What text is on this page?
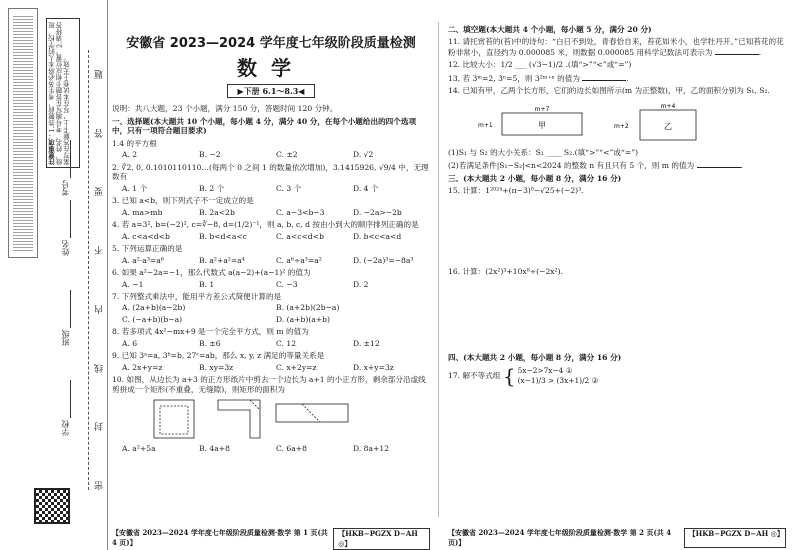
注意事项：1.答题前，考生务必将本人的学校、班级、姓名、考号填写在答题卡相应位置。2.请将答案写在答题卡上，写在本试卷上无效。
学校
班级
姓名
考号
题
答
要
不
内
线
封
密
安徽省 2023—2024 学年度七年级阶段质量检测
数学
▶下册 6.1～8.3◀
说明：共八大题，23 个小题，满分 150 分，答题时间 120 分钟。
一、选择题(本大题共 10 个小题，每小题 4 分，满分 40 分，在每个小题给出的四个选项中，只有一项符合题目要求)
1.4 的平方根
A. 2	B. −2	C. ±2	D. √2
2. ∛2, 0, 0.1010110110…(每两个 0 之间 1 的数量依次增加)，3.1415926, √9/4 中，无理数有
A. 1 个	B. 2 个	C. 3 个	D. 4 个
3. 已知 a<b，则下列式子不一定成立的是
A. ma>mb	B. 2a<2b	C. a−3<b−3	D. −2a>−2b
4. 若 a=3², b=(−2)², c=∛−8, d=(1/2)⁻¹，则 a, b, c, d 按由小到大的顺序排列正确的是
A. c<a<d<b	B. b<d<a<c	C. a<c<d<b	D. b<c<a<d
5. 下列运算正确的是
A. a²·a³=a⁶	B. a²+a²=a⁴	C. a⁶÷a³=a²	D. (−2a)³=−8a³
6. 如果 a²−2a=−1，那么代数式 a(a−2)+(a−1)² 的值为
A. −1	B. 1	C. −3	D. 2
7. 下列整式乘法中，能用平方差公式简便计算的是
A. (2a+b)(a−2b)	B. (a+2b)(2b−a)
C. (−a+b)(b−a)	D. (a+b)(a+b)
8. 若多项式 4x²−mx+9 是一个完全平方式，则 m 的值为
A. 6	B. ±6	C. 12	D. ±12
9. 已知 3ᵃ=a, 3ᵇ=b, 27ᶜ=ab，那么 x, y, z 满足的等量关系是
A. 2x+y=z	B. xy=3z	C. x+2y=z	D. x+y=3z
10. 如图，从边长为 a+3 的正方形纸片中剪去一个边长为 a+1 的小正方形，剩余部分沿虚线剪拼成一个矩形(不重叠，无缝隙)，则矩形的面积为
A. a²+5a	B. 4a+8	C. 6a+8	D. 8a+12
二、填空题(本大题共 4 个小题，每小题 5 分，满分 20 分)
11. 请托赏苔的(苔)中的诗句：“白日不到处，青春恰自来，苔花如米小，也学牡丹开。”已知苔花的花粉非常小，直径约为 0.000085 米，则数据 0.000085 用科学记数法可表示为	.
12. 比较大小：1/2 ___ (√3−1)/2 .(填“>”“<”或“=”)
13. 若 3ᵐ=2, 3ⁿ=5，则 3²ᵐ⁺ⁿ 的值为	.
14. 已知有甲，乙两个长方形，它们的边长如图所示(m 为正整数)，甲，乙的面积分别为 S₁, S₂.
甲
m+7
m+1	乙
m+4
m+2
(1)S₁ 与 S₂ 的大小关系：S₁ ____ S₂.(填“>”“<”或“=”)
(2)若满足条件|S₁−S₂|<n<2024 的整数 n 有且只有 5 个，则 m 的值为	.
三、(本大题共 2 小题，每小题 8 分，满分 16 分)
15. 计算：1²⁰²⁴+(π−3)⁰−√25+(−2)³.
16. 计算：(2x²)³+10x⁸÷(−2x²).
四、(本大题共 2 小题，每小题 8 分，满分 16 分)
17. 解不等式组 { 5x−2>7x−4 ①
(x−1)/3 > (3x+1)/2 ②
【安徽省 2023—2024 学年度七年级阶段质量检测·数学 第 1 页(共 4 页)】
【HKB−PGZX D−AH ◎】
【安徽省 2023—2024 学年度七年级阶段质量检测·数学 第 2 页(共 4 页)】
【HKB−PGZX D−AH ◎】
